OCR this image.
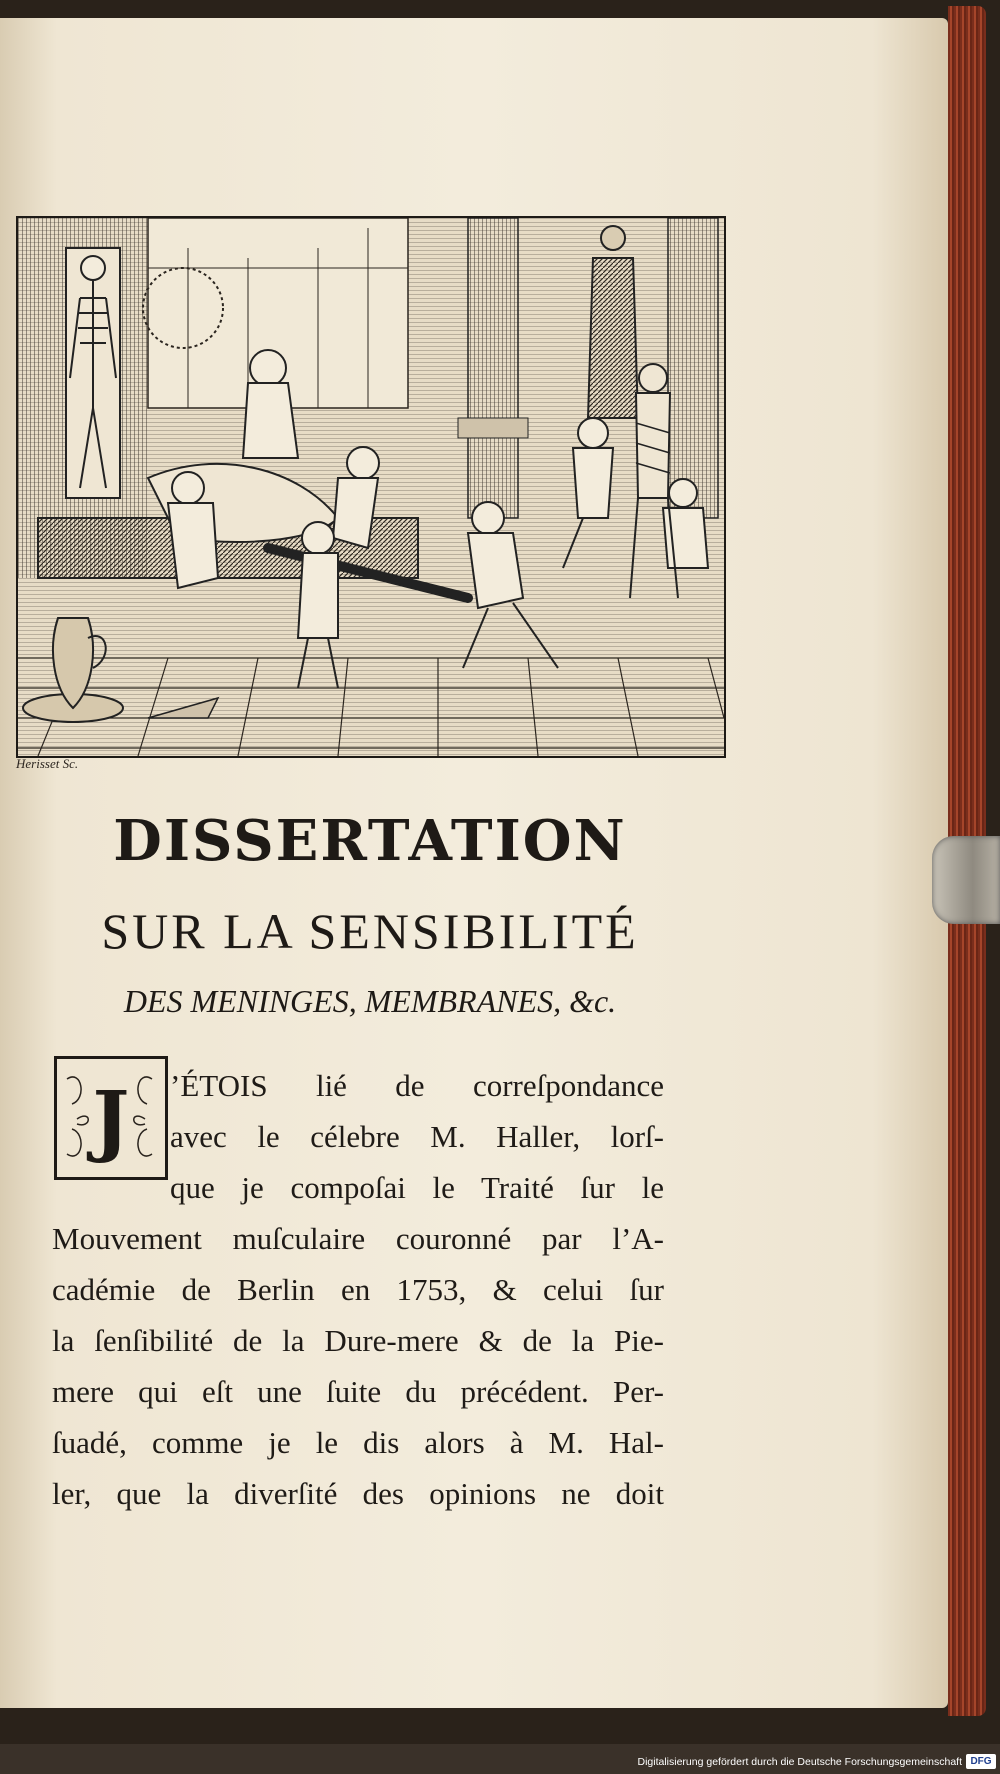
Herisset Sc.
DISSERTATION
SUR LA SENSIBILITÉ
DES MENINGES, MEMBRANES, &c.
J	’ÉTOIS lié de correſpondance
avec le célebre M. Haller, lorſ-
que je compoſai le Traité ſur le
Mouvement muſculaire couronné par l’A-
cadémie de Berlin en 1753, & celui ſur
la ſenſibilité de la Dure-mere & de la Pie-
mere qui eſt une ſuite du précédent. Per-
ſuadé, comme je le dis alors à M. Hal-
ler, que la diverſité des opinions ne doit
Digitalisierung gefördert durch die Deutsche Forschungsgemeinschaft DFG
